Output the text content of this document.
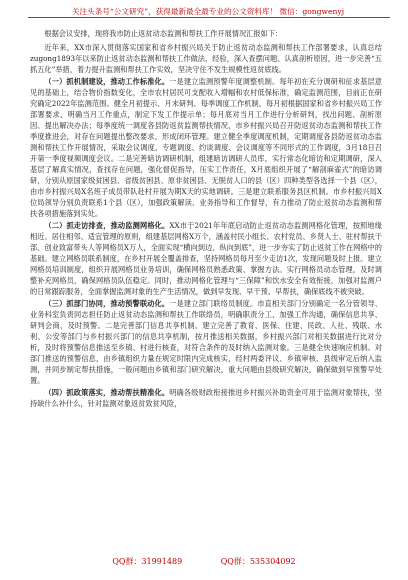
关注头条号“公文研究”，获得最新最全最专业的公文资料库！ 微信：gongwenyj

根据会议安排，现将我市防止返贫动态监测和帮扶工作开展情况汇报如下：

近年来，XX市深入贯彻落实国家和省乡村振兴局关于防止返贫动态监测和帮扶工作部署要求，认真总结zugong1893年以来防止返贫动态监测和帮扶工作做法、经验，深入查摆问题、认真剖析原因，进一步完善“五抓五化”举措，着力提升监测和帮扶工作实效，坚决守住不发生规模性返贫底线。

（一）抓机制建设，推动工作标准化。一是建立监测预警年度调整机制。每年初在充分调研和征求基层意见的基础上，结合物价指数变化，全市农村居民可支配收入增幅和农村低保标准，确定监测范围，目前正在研究确定2022年监测范围。健全月初提示、月末研判、每季调度工作机制，每月初根据国家和省乡村振兴局工作部署要求，明确当月工作重点，制定下发工作提示单；每月底对当月工作进行分析研判，找出问题、剖析原因、提出解决办法；每季度统一调度各县防返贫监测帮扶情况，市乡村振兴局召开防返贫动态监测和帮扶工作季度推进会，对存在问题提出整改要求，形成闭环管理。建立健全季度调度机制，定期调度各县防返贫动态监测和帮扶工作开展情况，采取会议调度、专题调度、约谈调度、会议调度等不同形式的工作调度，3月18日召开第一季度视频调度会议。二是完善暗访调研机制，组建暗访调研人员库，实行常态化暗访和定期调研，深入基层了解真实情况，查找存在问题，强化督促指导，压实工作责任，X月底组织开展了“解剖麻雀式”的暗访调研，分别从原国家级贫困县、省级贫困县、原非贫困县、无脱贫人口的县（区）四种类型各选择一个县（区），由市乡村振兴局X名班子成员带队赴村开展为期X天的实地调研。三是建立联系服务县区机制。市乡村振兴局X位局领导分别负责联系1个县（区），加强政策解读、业务指导和工作督导，有力推动了防止返贫动态监测和帮扶各项措施落到实处。

（二）抓走访排查，推动监测网格化。XX市于2021年年底启动防止返贫动态监测网格化管理，按照地缘相近、居住相邻、适宜管理的原则，组建基层网格X万个，涵盖村民小组长、农村党员、乡贤人士、驻村帮扶干部、创业致富带头人等网格员X万人，全面实现“横向到边、纵向到底”，进一步夯实了防止返贫工作在网格中的基础。建立网格员联系制度，在乡村开展全覆盖排查，坚持网格员每月至少走访1次，发现问题及时上报。建立网格员培训制度，组织开展网格员业务培训，确保网格员熟悉政策、掌握方法。实行网格员动态管理，及时调整补充网格员，确保网格员队伍稳定。同时，推动网格化管理与“三保障”和饮水安全有效衔接，加强对监测户的日常跟踪服务，全面掌握监测对象的生产生活情况，做到早发现、早干预、早帮扶，确保底线不被突破。

（三）抓部门协同，推动预警联动化。一是建立部门联络员制度。市直相关部门分别确定一名分管领导、业务科室负责同志担任防止返贫动态监测和帮扶工作联络员，明确职责分工，加强工作沟通，确保信息共享、研判会商、及时预警。二是完善部门信息共享机制。建立完善了教育、医保、住建、民政、人社、残联、水利、公安等部门与乡村振兴部门的信息共享机制，按月推送相关数据，乡村振兴部门对相关数据进行比对分析，及时将预警信息推送至乡镇、村进行核查，对符合条件的及时纳入监测对象。三是健全快速响应机制。对部门推送的预警信息，由乡镇组织力量在规定时限内完成核实，经村两委评议、乡镇审核、县级审定后纳入监测，并同步制定帮扶措施，一般问题由乡镇和部门研究解决，重大问题由县级研究解决，确保做到早预警早处置。

（四）抓政策落实，推动帮扶精准化。明确各级财政衔接推进乡村振兴补助资金可用于监测对象帮扶，坚持缺什么补什么，针对监测对象返贫致贫风险，

QQ群：31991489	QQ群：535304092
